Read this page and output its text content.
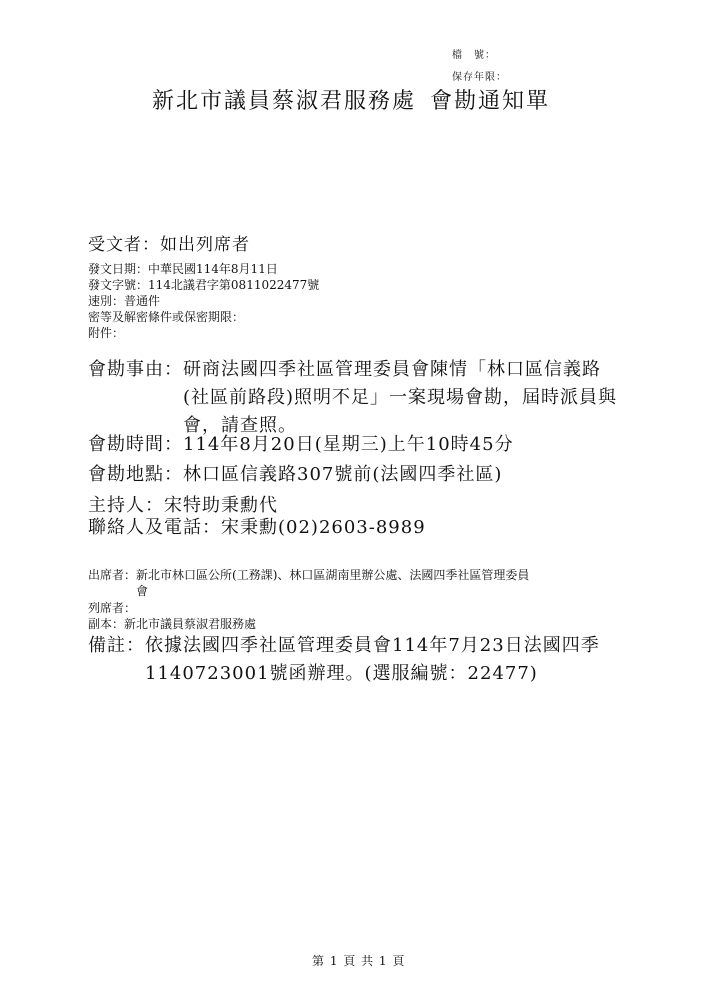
檔　號：
保存年限：
新北市議員蔡淑君服務處 會勘通知單
受文者： 如出列席者
發文日期： 中華民國114年8月11日
發文字號： 114北議君字第0811022477號
速別： 普通件
密等及解密條件或保密期限：
附件：
會勘事由： 研商法國四季社區管理委員會陳情「林口區信義路
(社區前路段)照明不足」一案現場會勘，屆時派員與
會，請查照。
會勘時間： 114年8月20日(星期三)上午10時45分
會勘地點： 林口區信義路307號前(法國四季社區)
主持人： 宋特助秉勳代
聯絡人及電話： 宋秉勳(02)2603-8989
出席者： 新北市林口區公所(工務課)、林口區湖南里辦公處、法國四季社區管理委員
會
列席者：
副本： 新北市議員蔡淑君服務處
備註： 依據法國四季社區管理委員會114年7月23日法國四季
1140723001號函辦理。(選服編號：22477)
第 1 頁 共 1 頁
